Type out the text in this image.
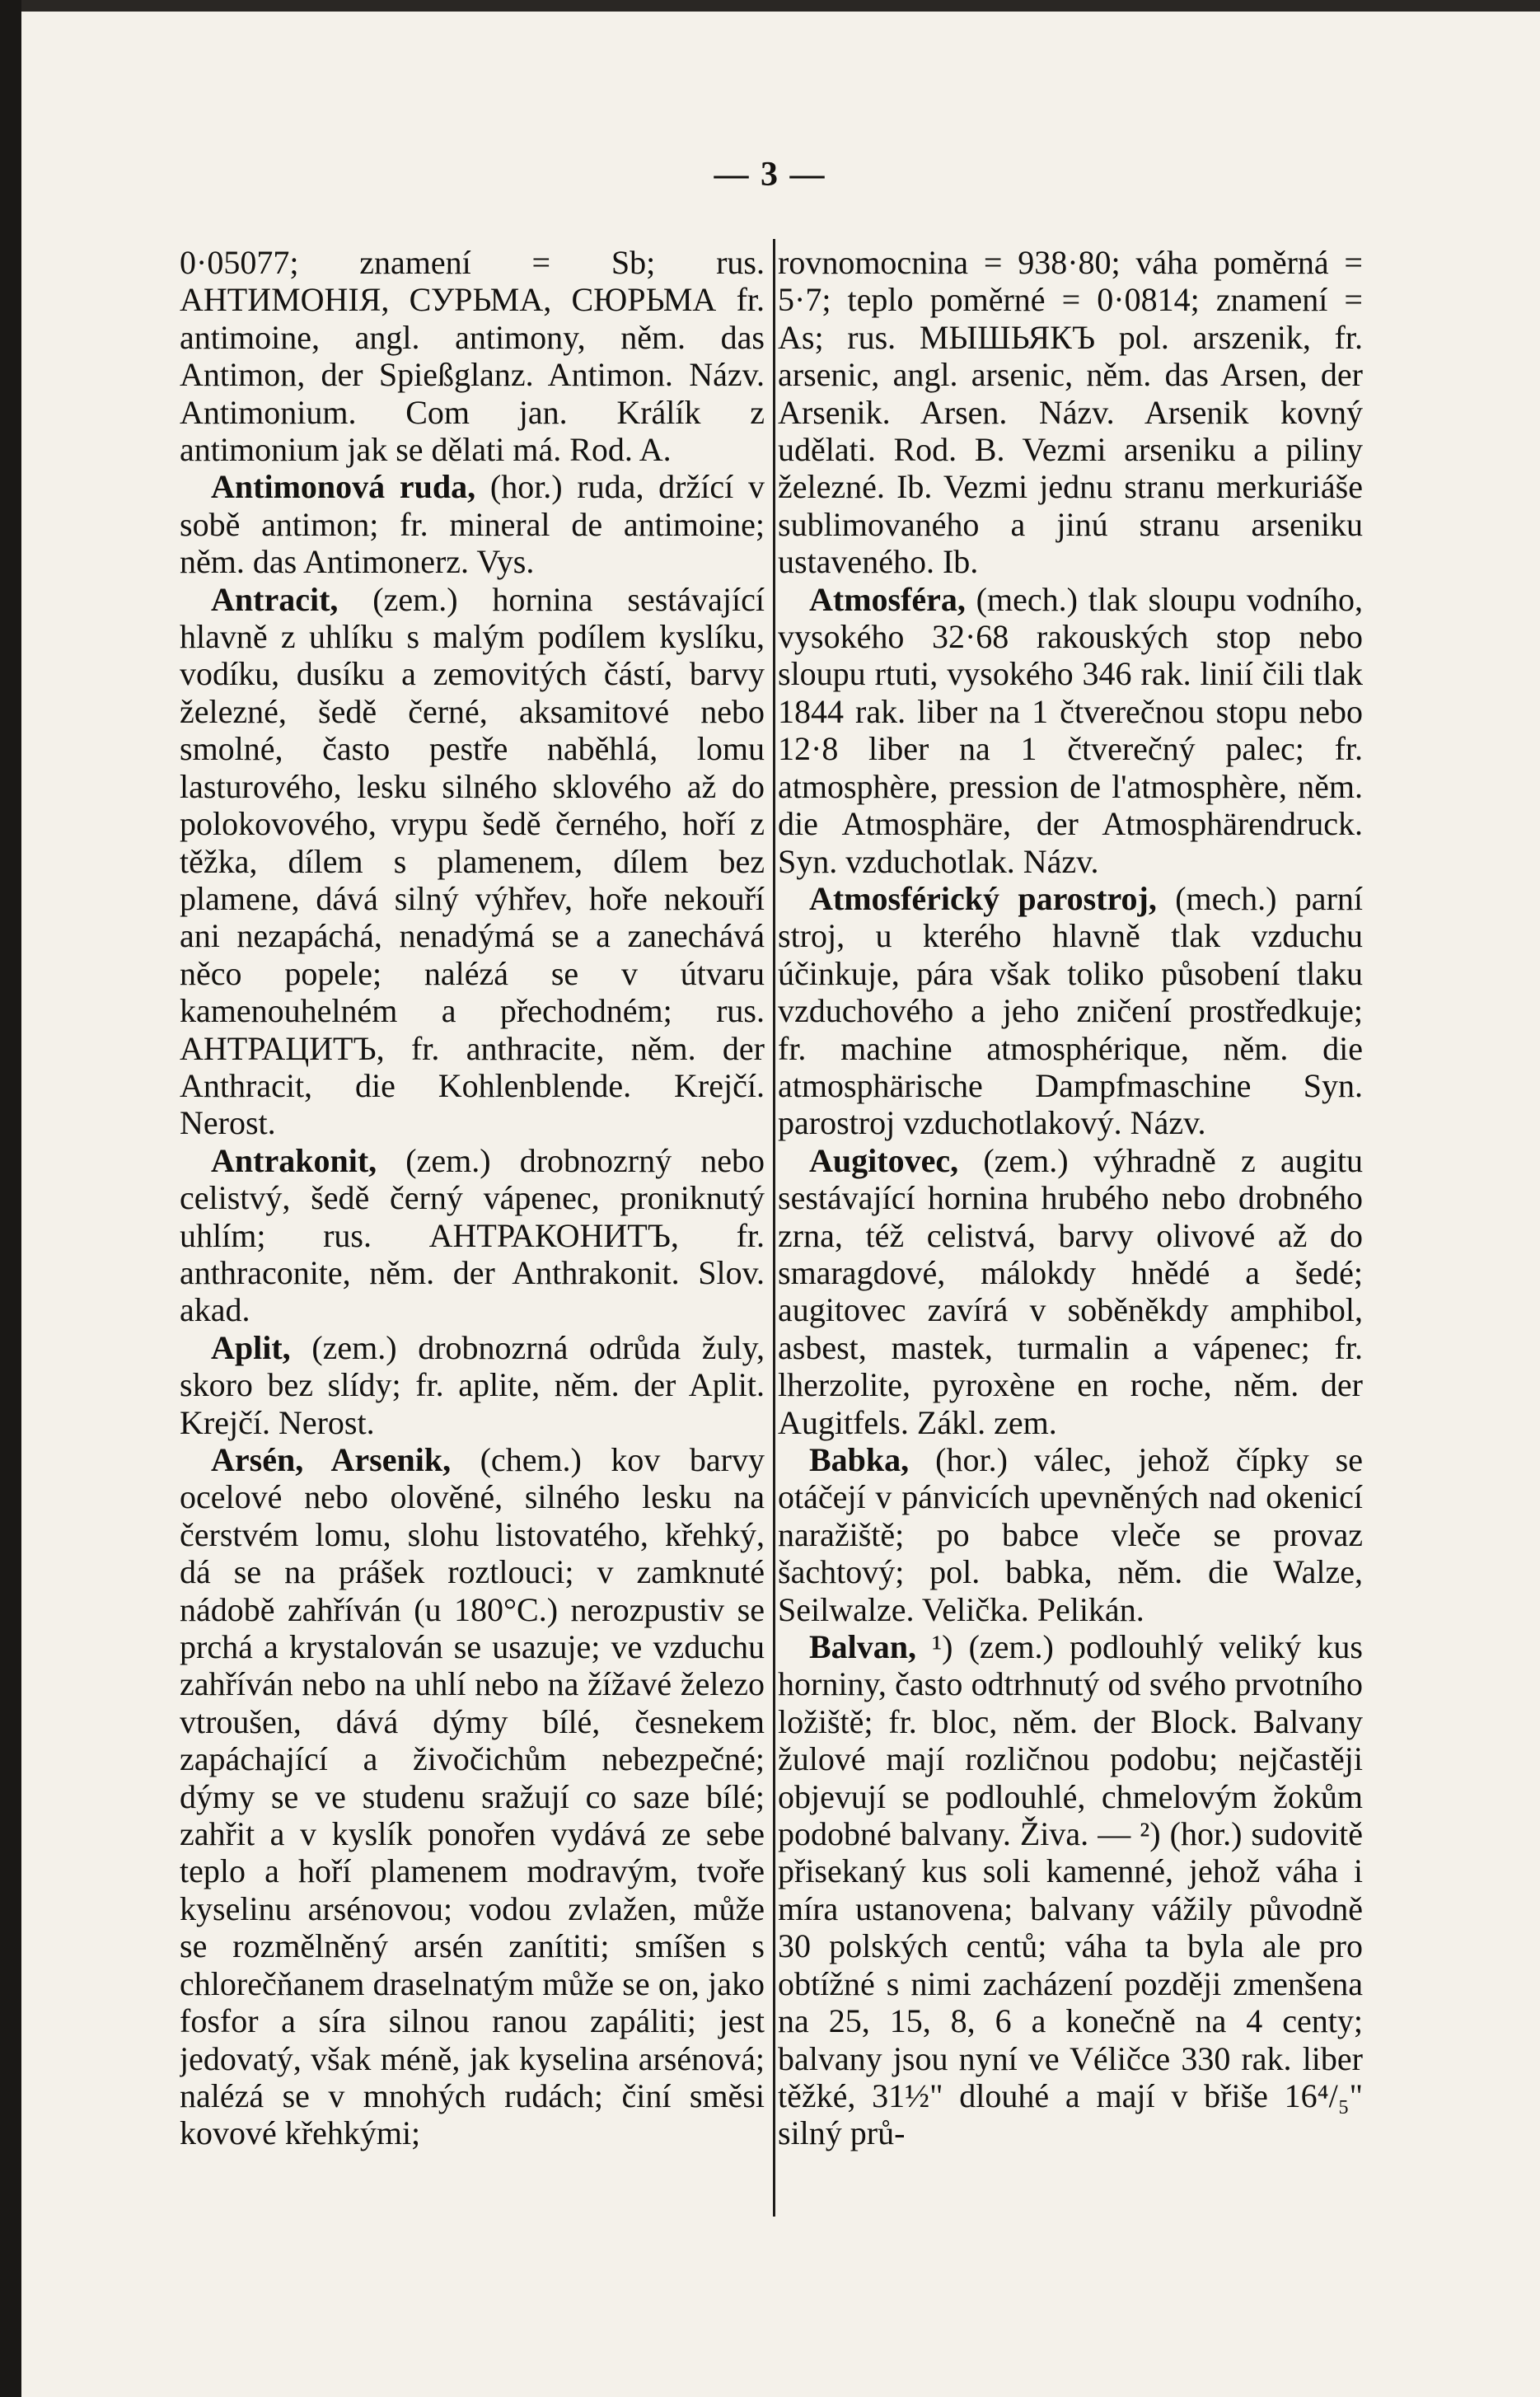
— 3 —

0·05077; znamení = Sb; rus. АНТИМОНІЯ, СУРЬМА, СЮРЬМА fr. antimoine, angl. antimony, něm. das Antimon, der Spießglanz. Antimon. Názv. Antimonium. Com jan. Králík z antimonium jak se dělati má. Rod. A.

Antimonová ruda, (hor.) ruda, držící v sobě antimon; fr. mineral de antimoine; něm. das Antimonerz. Vys.

Antracit, (zem.) hornina sestávající hlavně z uhlíku s malým podílem kyslíku, vodíku, dusíku a zemovitých částí, barvy železné, šedě černé, aksamitové nebo smolné, často pestře naběhlá, lomu lasturového, lesku silného sklového až do polokovového, vrypu šedě černého, hoří z těžka, dílem s plamenem, dílem bez plamene, dává silný výhřev, hoře nekouří ani nezapáchá, nenadýmá se a zanechává něco popele; nalézá se v útvaru kamenouhelném a přechodném; rus. АНТРАЦИТЪ, fr. anthracite, něm. der Anthracit, die Kohlenblende. Krejčí. Nerost.

Antrakonit, (zem.) drobnozrný nebo celistvý, šedě černý vápenec, proniknutý uhlím; rus. АНТРАКОНИТЪ, fr. anthraconite, něm. der Anthrakonit. Slov. akad.

Aplit, (zem.) drobnozrná odrůda žuly, skoro bez slídy; fr. aplite, něm. der Aplit. Krejčí. Nerost.

Arsén, Arsenik, (chem.) kov barvy ocelové nebo olověné, silného lesku na čerstvém lomu, slohu listovatého, křehký, dá se na prášek roztlouci; v zamknuté nádobě zahříván (u 180°C.) nerozpustiv se prchá a krystalován se usazuje; ve vzduchu zahříván nebo na uhlí nebo na žížavé železo vtroušen, dává dýmy bílé, česnekem zapáchající a živočichům nebezpečné; dýmy se ve studenu sražují co saze bílé; zahřit a v kyslík ponořen vydává ze sebe teplo a hoří plamenem modravým, tvoře kyselinu arsénovou; vodou zvlažen, může se rozmělněný arsén zanítiti; smíšen s chlorečňanem draselnatým může se on, jako fosfor a síra silnou ranou zapáliti; jest jedovatý, však méně, jak kyselina arsénová; nalézá se v mnohých rudách; činí směsi kovové křehkými;

rovnomocnina = 938·80; váha poměrná = 5·7; teplo poměrné = 0·0814; znamení = As; rus. МЫШЬЯКЪ pol. arszenik, fr. arsenic, angl. arsenic, něm. das Arsen, der Arsenik. Arsen. Názv. Arsenik kovný udělati. Rod. B. Vezmi arseniku a piliny železné. Ib. Vezmi jednu stranu merkuriáše sublimovaného a jinú stranu arseniku ustaveného. Ib.

Atmosféra, (mech.) tlak sloupu vodního, vysokého 32·68 rakouských stop nebo sloupu rtuti, vysokého 346 rak. linií čili tlak 1844 rak. liber na 1 čtverečnou stopu nebo 12·8 liber na 1 čtverečný palec; fr. atmosphère, pression de l'atmosphère, něm. die Atmosphäre, der Atmosphärendruck. Syn. vzduchotlak. Názv.

Atmosférický parostroj, (mech.) parní stroj, u kterého hlavně tlak vzduchu účinkuje, pára však toliko působení tlaku vzduchového a jeho zničení prostředkuje; fr. machine atmosphérique, něm. die atmosphärische Dampfmaschine Syn. parostroj vzduchotlakový. Názv.

Augitovec, (zem.) výhradně z augitu sestávající hornina hrubého nebo drobného zrna, též celistvá, barvy olivové až do smaragdové, málokdy hnědé a šedé; augitovec zavírá v soběněkdy amphibol, asbest, mastek, turmalin a vápenec; fr. lherzolite, pyroxène en roche, něm. der Augitfels. Zákl. zem.

Babka, (hor.) válec, jehož čípky se otáčejí v pánvicích upevněných nad okenicí naražiště; po babce vleče se provaz šachtový; pol. babka, něm. die Walze, Seilwalze. Velička. Pelikán.

Balvan, ¹) (zem.) podlouhlý veliký kus horniny, často odtrhnutý od svého prvotního ložiště; fr. bloc, něm. der Block. Balvany žulové mají rozličnou podobu; nejčastěji objevují se podlouhlé, chmelovým žokům podobné balvany. Živa. — ²) (hor.) sudovitě přisekaný kus soli kamenné, jehož váha i míra ustanovena; balvany vážily původně 30 polských centů; váha ta byla ale pro obtížné s nimi zacházení později zmenšena na 25, 15, 8, 6 a konečně na 4 centy; balvany jsou nyní ve Véličce 330 rak. liber těžké, 31½" dlouhé a mají v břiše 16⁴/₅" silný prů-
